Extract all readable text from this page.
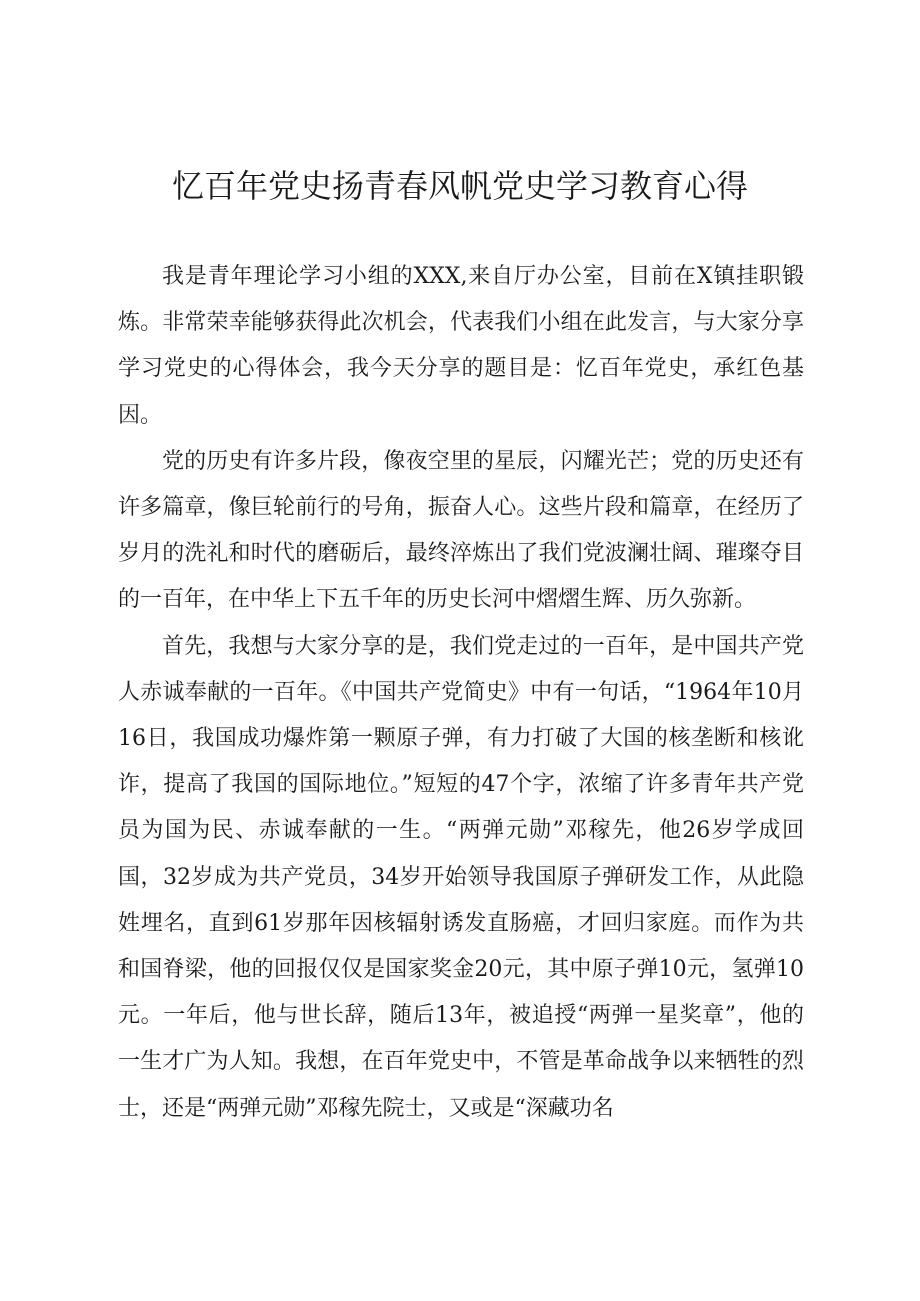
忆百年党史扬青春风帆党史学习教育心得

我是青年理论学习小组的XXX,来自厅办公室，目前在X镇挂职锻炼。非常荣幸能够获得此次机会，代表我们小组在此发言，与大家分享学习党史的心得体会，我今天分享的题目是：忆百年党史，承红色基因。

党的历史有许多片段，像夜空里的星辰，闪耀光芒；党的历史还有许多篇章，像巨轮前行的号角，振奋人心。这些片段和篇章，在经历了岁月的洗礼和时代的磨砺后，最终淬炼出了我们党波澜壮阔、璀璨夺目的一百年，在中华上下五千年的历史长河中熠熠生辉、历久弥新。

首先，我想与大家分享的是，我们党走过的一百年，是中国共产党人赤诚奉献的一百年。《中国共产党简史》中有一句话，“1964年10月16日，我国成功爆炸第一颗原子弹，有力打破了大国的核垄断和核讹诈，提高了我国的国际地位。”短短的47个字，浓缩了许多青年共产党员为国为民、赤诚奉献的一生。“两弹元勋”邓稼先，他26岁学成回国，32岁成为共产党员，34岁开始领导我国原子弹研发工作，从此隐姓埋名，直到61岁那年因核辐射诱发直肠癌，才回归家庭。而作为共和国脊梁，他的回报仅仅是国家奖金20元，其中原子弹10元，氢弹10元。一年后，他与世长辞，随后13年，被追授“两弹一星奖章”，他的一生才广为人知。我想，在百年党史中，不管是革命战争以来牺牲的烈士，还是“两弹元勋”邓稼先院士，又或是“深藏功名
